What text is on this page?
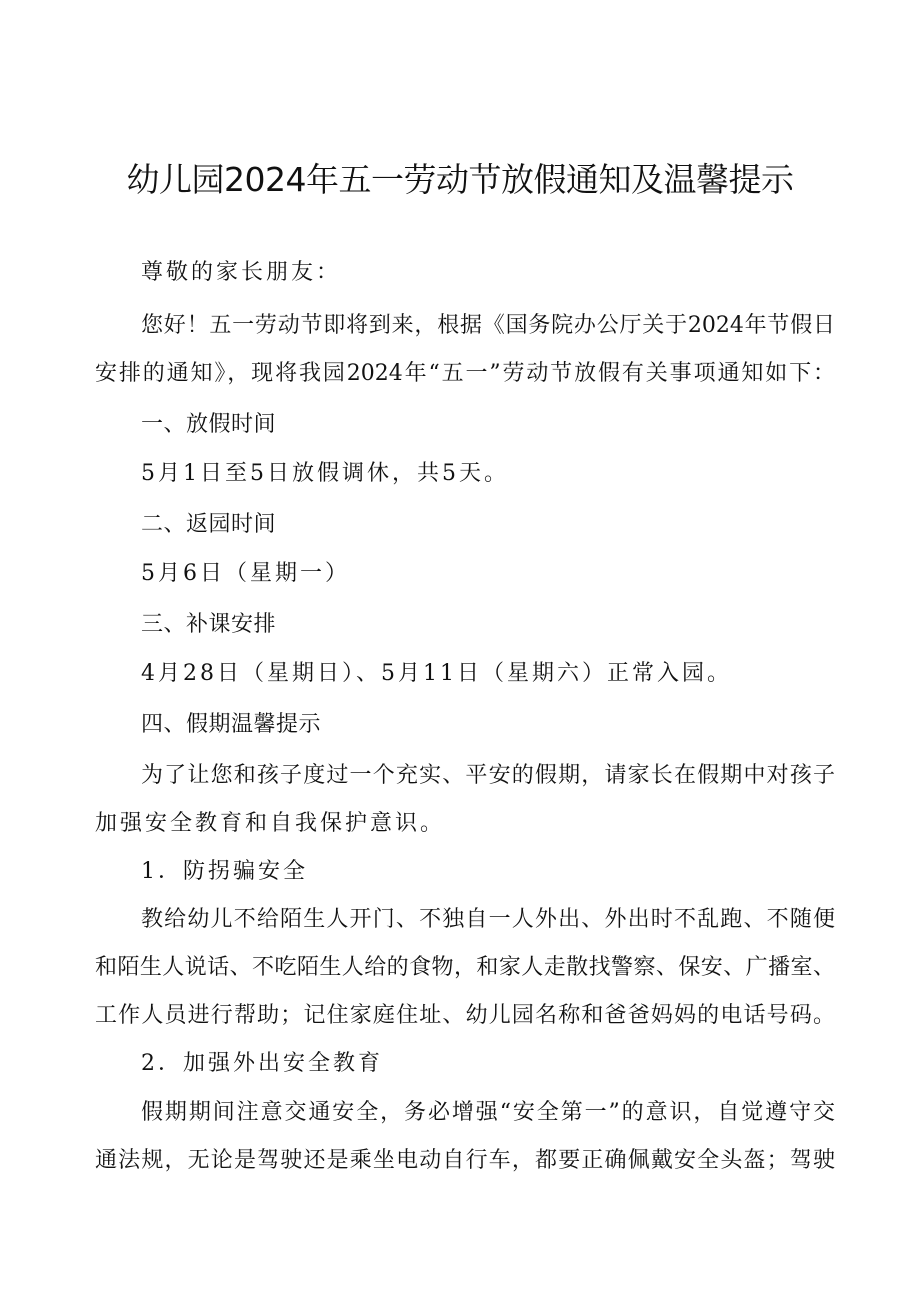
幼儿园2024年五一劳动节放假通知及温馨提示

尊敬的家长朋友：

您好！五一劳动节即将到来，根据《国务院办公厅关于2024年节假日

安排的通知》，现将我园2024年“五一”劳动节放假有关事项通知如下：

一、放假时间

5月1日至5日放假调休，共5天。

二、返园时间

5月6日（星期一）

三、补课安排

4月28日（星期日）、5月11日（星期六）正常入园。

四、假期温馨提示

为了让您和孩子度过一个充实、平安的假期，请家长在假期中对孩子

加强安全教育和自我保护意识。

1．防拐骗安全

教给幼儿不给陌生人开门、不独自一人外出、外出时不乱跑、不随便

和陌生人说话、不吃陌生人给的食物，和家人走散找警察、保安、广播室、

工作人员进行帮助；记住家庭住址、幼儿园名称和爸爸妈妈的电话号码。

2．加强外出安全教育

假期期间注意交通安全，务必增强“安全第一”的意识，自觉遵守交

通法规，无论是驾驶还是乘坐电动自行车，都要正确佩戴安全头盔；驾驶
